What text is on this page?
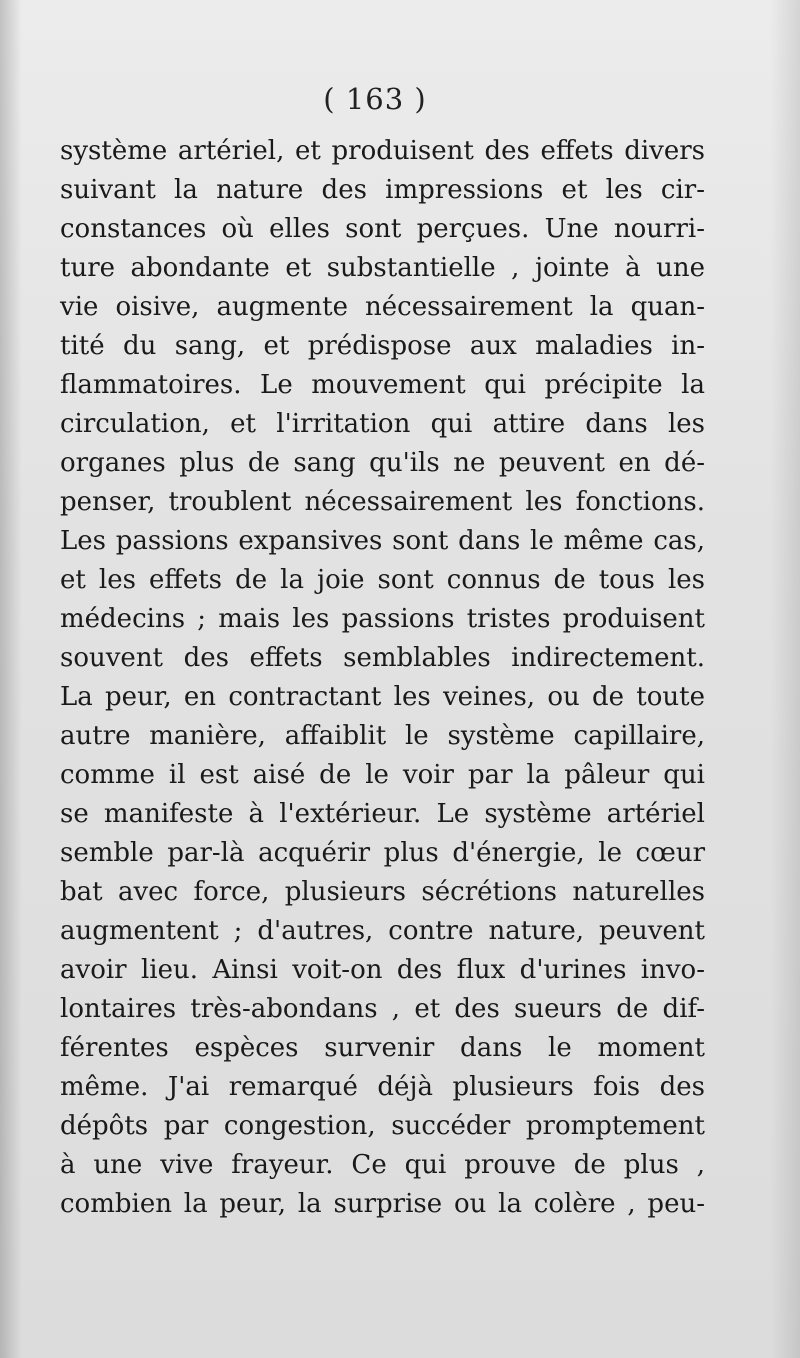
( 163 )
système artériel, et produisent des effets divers
suivant la nature des impressions et les cir-
constances où elles sont perçues. Une nourri-
ture abondante et substantielle , jointe à une
vie oisive, augmente nécessairement la quan-
tité du sang, et prédispose aux maladies in-
flammatoires. Le mouvement qui précipite la
circulation, et l'irritation qui attire dans les
organes plus de sang qu'ils ne peuvent en dé-
penser, troublent nécessairement les fonctions.
Les passions expansives sont dans le même cas,
et les effets de la joie sont connus de tous les
médecins ; mais les passions tristes produisent
souvent des effets semblables indirectement.
La peur, en contractant les veines, ou de toute
autre manière, affaiblit le système capillaire,
comme il est aisé de le voir par la pâleur qui
se manifeste à l'extérieur. Le système artériel
semble par-là acquérir plus d'énergie, le cœur
bat avec force, plusieurs sécrétions naturelles
augmentent ; d'autres, contre nature, peuvent
avoir lieu. Ainsi voit-on des flux d'urines invo-
lontaires très-abondans , et des sueurs de dif-
férentes espèces survenir dans le moment
même. J'ai remarqué déjà plusieurs fois des
dépôts par congestion, succéder promptement
à une vive frayeur. Ce qui prouve de plus ,
combien la peur, la surprise ou la colère , peu-
